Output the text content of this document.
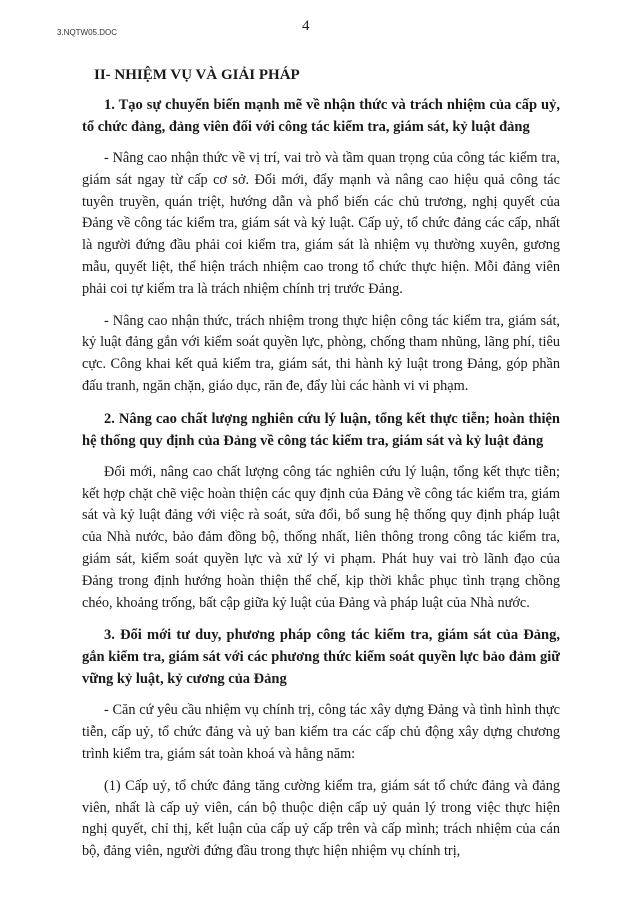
3.NQTW05.DOC	4
II- NHIỆM VỤ VÀ GIẢI PHÁP
1. Tạo sự chuyển biến mạnh mẽ về nhận thức và trách nhiệm của cấp uỷ, tổ chức đảng, đảng viên đối với công tác kiểm tra, giám sát, kỷ luật đảng

- Nâng cao nhận thức về vị trí, vai trò và tầm quan trọng của công tác kiểm tra, giám sát ngay từ cấp cơ sở. Đổi mới, đẩy mạnh và nâng cao hiệu quả công tác tuyên truyền, quán triệt, hướng dẫn và phổ biến các chủ trương, nghị quyết của Đảng về công tác kiểm tra, giám sát và kỷ luật. Cấp uỷ, tổ chức đảng các cấp, nhất là người đứng đầu phải coi kiểm tra, giám sát là nhiệm vụ thường xuyên, gương mẫu, quyết liệt, thể hiện trách nhiệm cao trong tổ chức thực hiện. Mỗi đảng viên phải coi tự kiểm tra là trách nhiệm chính trị trước Đảng.

- Nâng cao nhận thức, trách nhiệm trong thực hiện công tác kiểm tra, giám sát, kỷ luật đảng gắn với kiểm soát quyền lực, phòng, chống tham nhũng, lãng phí, tiêu cực. Công khai kết quả kiểm tra, giám sát, thi hành kỷ luật trong Đảng, góp phần đấu tranh, ngăn chặn, giáo dục, răn đe, đẩy lùi các hành vi vi phạm.

2. Nâng cao chất lượng nghiên cứu lý luận, tổng kết thực tiễn; hoàn thiện hệ thống quy định của Đảng về công tác kiểm tra, giám sát và kỷ luật đảng

Đổi mới, nâng cao chất lượng công tác nghiên cứu lý luận, tổng kết thực tiễn; kết hợp chặt chẽ việc hoàn thiện các quy định của Đảng về công tác kiểm tra, giám sát và kỷ luật đảng với việc rà soát, sửa đổi, bổ sung hệ thống quy định pháp luật của Nhà nước, bảo đảm đồng bộ, thống nhất, liên thông trong công tác kiểm tra, giám sát, kiểm soát quyền lực và xử lý vi phạm. Phát huy vai trò lãnh đạo của Đảng trong định hướng hoàn thiện thể chế, kịp thời khắc phục tình trạng chồng chéo, khoảng trống, bất cập giữa kỷ luật của Đảng và pháp luật của Nhà nước.

3. Đổi mới tư duy, phương pháp công tác kiểm tra, giám sát của Đảng, gắn kiểm tra, giám sát với các phương thức kiểm soát quyền lực bảo đảm giữ vững kỷ luật, kỷ cương của Đảng

- Căn cứ yêu cầu nhiệm vụ chính trị, công tác xây dựng Đảng và tình hình thực tiễn, cấp uỷ, tổ chức đảng và uỷ ban kiểm tra các cấp chủ động xây dựng chương trình kiểm tra, giám sát toàn khoá và hằng năm:

(1) Cấp uỷ, tổ chức đảng tăng cường kiểm tra, giám sát tổ chức đảng và đảng viên, nhất là cấp uỷ viên, cán bộ thuộc diện cấp uỷ quản lý trong việc thực hiện nghị quyết, chỉ thị, kết luận của cấp uỷ cấp trên và cấp mình; trách nhiệm của cán bộ, đảng viên, người đứng đầu trong thực hiện nhiệm vụ chính trị,
